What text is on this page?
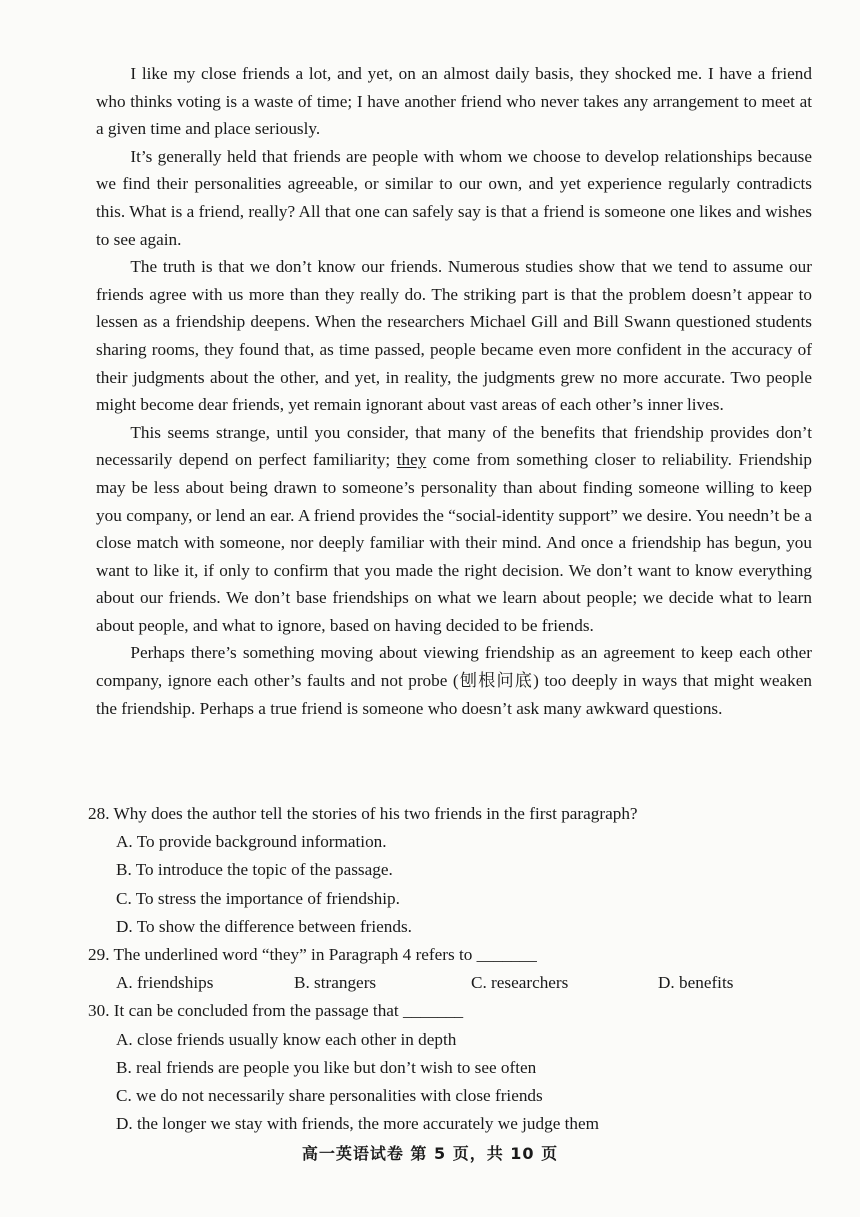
I like my close friends a lot, and yet, on an almost daily basis, they shocked me. I have a friend who thinks voting is a waste of time; I have another friend who never takes any arrangement to meet at a given time and place seriously.

It’s generally held that friends are people with whom we choose to develop relationships because we find their personalities agreeable, or similar to our own, and yet experience regularly contradicts this. What is a friend, really? All that one can safely say is that a friend is someone one likes and wishes to see again.

The truth is that we don’t know our friends. Numerous studies show that we tend to assume our friends agree with us more than they really do. The striking part is that the problem doesn’t appear to lessen as a friendship deepens. When the researchers Michael Gill and Bill Swann questioned students sharing rooms, they found that, as time passed, people became even more confident in the accuracy of their judgments about the other, and yet, in reality, the judgments grew no more accurate. Two people might become dear friends, yet remain ignorant about vast areas of each other’s inner lives.

This seems strange, until you consider, that many of the benefits that friendship provides don’t necessarily depend on perfect familiarity; they come from something closer to reliability. Friendship may be less about being drawn to someone’s personality than about finding someone willing to keep you company, or lend an ear. A friend provides the “social-identity support” we desire. You needn’t be a close match with someone, nor deeply familiar with their mind. And once a friendship has begun, you want to like it, if only to confirm that you made the right decision. We don’t want to know everything about our friends. We don’t base friendships on what we learn about people; we decide what to learn about people, and what to ignore, based on having decided to be friends.

Perhaps there’s something moving about viewing friendship as an agreement to keep each other company, ignore each other’s faults and not probe (刨根问底) too deeply in ways that might weaken the friendship. Perhaps a true friend is someone who doesn’t ask many awkward questions.

28. Why does the author tell the stories of his two friends in the first paragraph?

A. To provide background information.

B. To introduce the topic of the passage.

C. To stress the importance of friendship.

D. To show the difference between friends.

29. The underlined word “they” in Paragraph 4 refers to _______

A. friendships	B. strangers	C. researchers	D. benefits

30. It can be concluded from the passage that _______

A. close friends usually know each other in depth

B. real friends are people you like but don’t wish to see often

C. we do not necessarily share personalities with close friends

D. the longer we stay with friends, the more accurately we judge them

高一英语试卷 第 5 页，共 10 页
